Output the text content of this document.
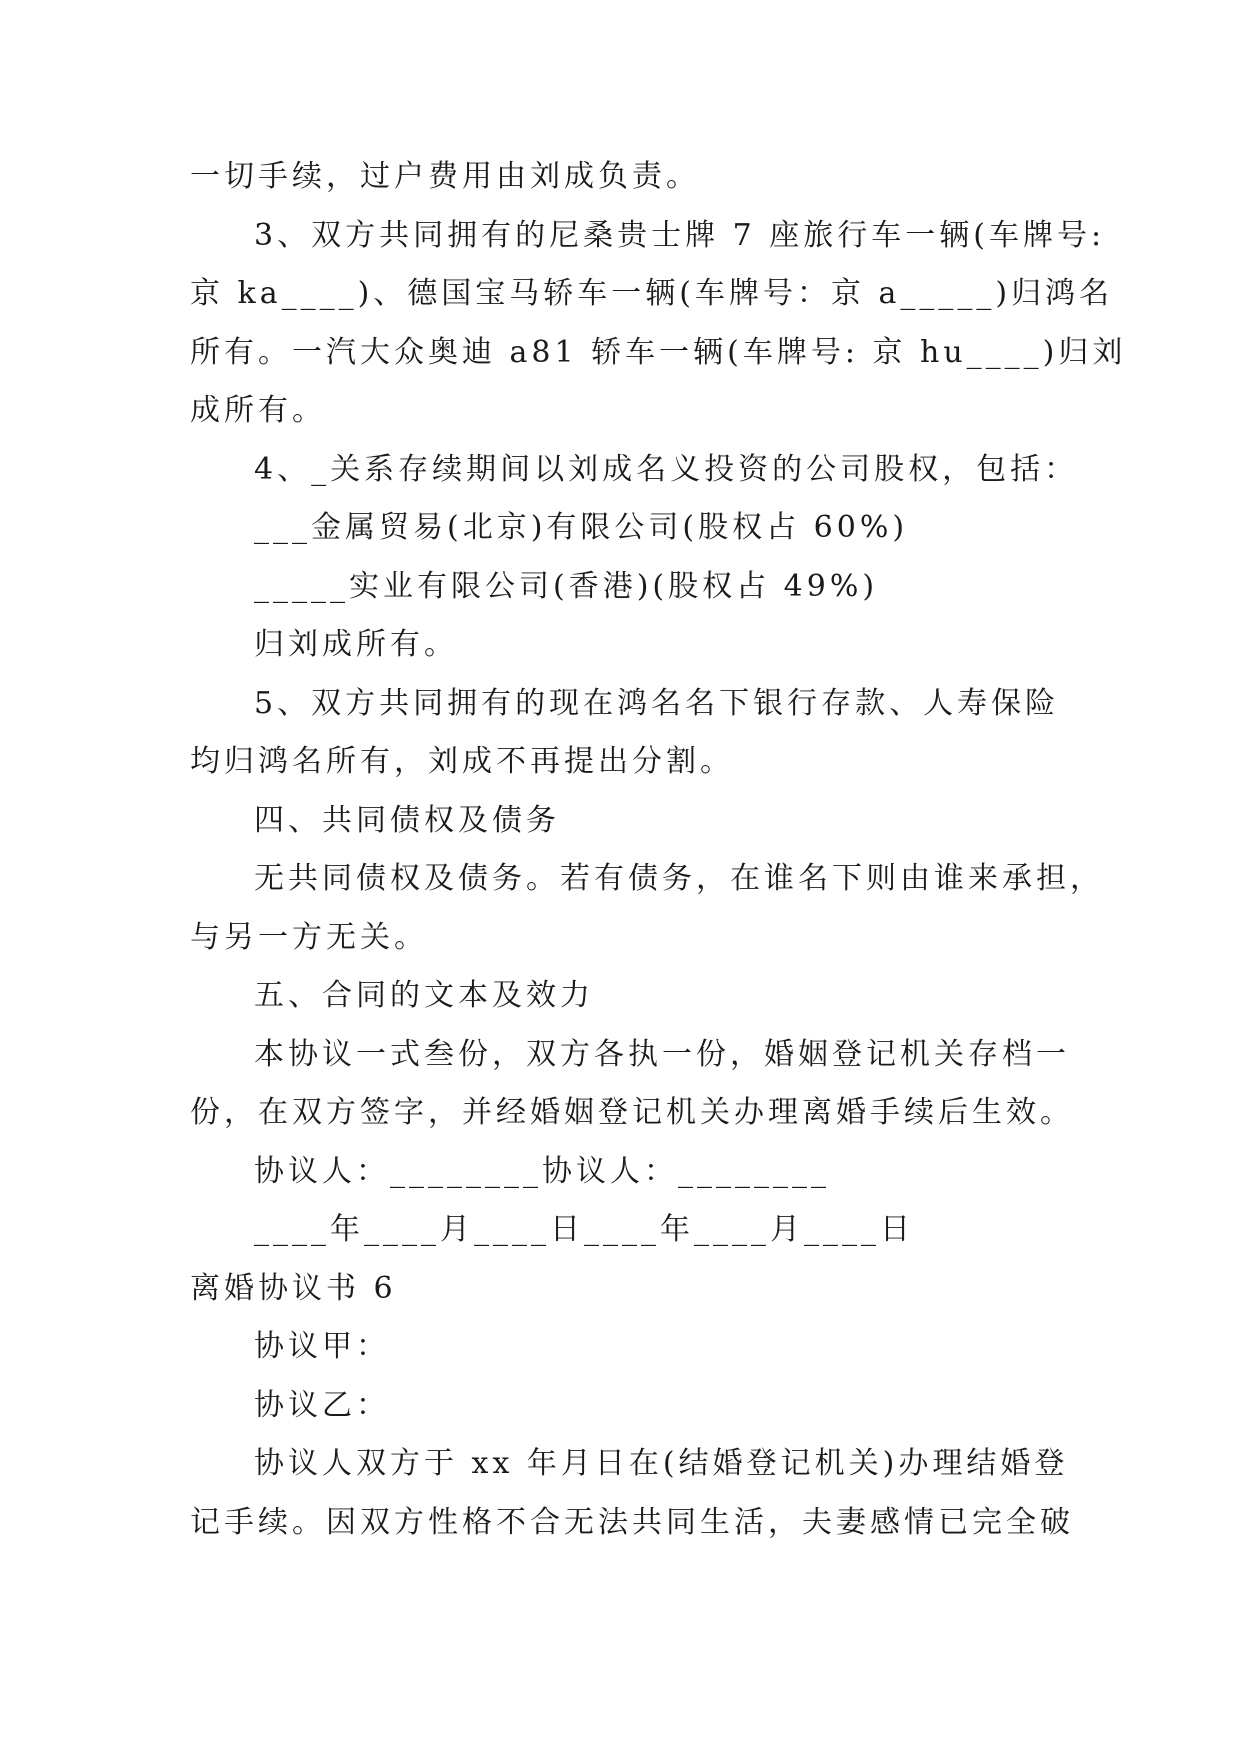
一切手续，过户费用由刘成负责。
3、双方共同拥有的尼桑贵士牌 7 座旅行车一辆(车牌号:
京 ka____)、德国宝马轿车一辆(车牌号：京 a_____)归鸿名
所有。一汽大众奥迪 a81 轿车一辆(车牌号: 京 hu____)归刘
成所有。
4、_关系存续期间以刘成名义投资的公司股权，包括：
___金属贸易(北京)有限公司(股权占 60%)
_____实业有限公司(香港)(股权占 49%)
归刘成所有。
5、双方共同拥有的现在鸿名名下银行存款、人寿保险
均归鸿名所有，刘成不再提出分割。
四、共同债权及债务
无共同债权及债务。若有债务，在谁名下则由谁来承担，
与另一方无关。
五、合同的文本及效力
本协议一式叁份，双方各执一份，婚姻登记机关存档一
份，在双方签字，并经婚姻登记机关办理离婚手续后生效。
协议人：________协议人：________
____年____月____日____年____月____日
离婚协议书 6
协议甲：
协议乙：
协议人双方于 xx 年月日在(结婚登记机关)办理结婚登
记手续。因双方性格不合无法共同生活，夫妻感情已完全破
